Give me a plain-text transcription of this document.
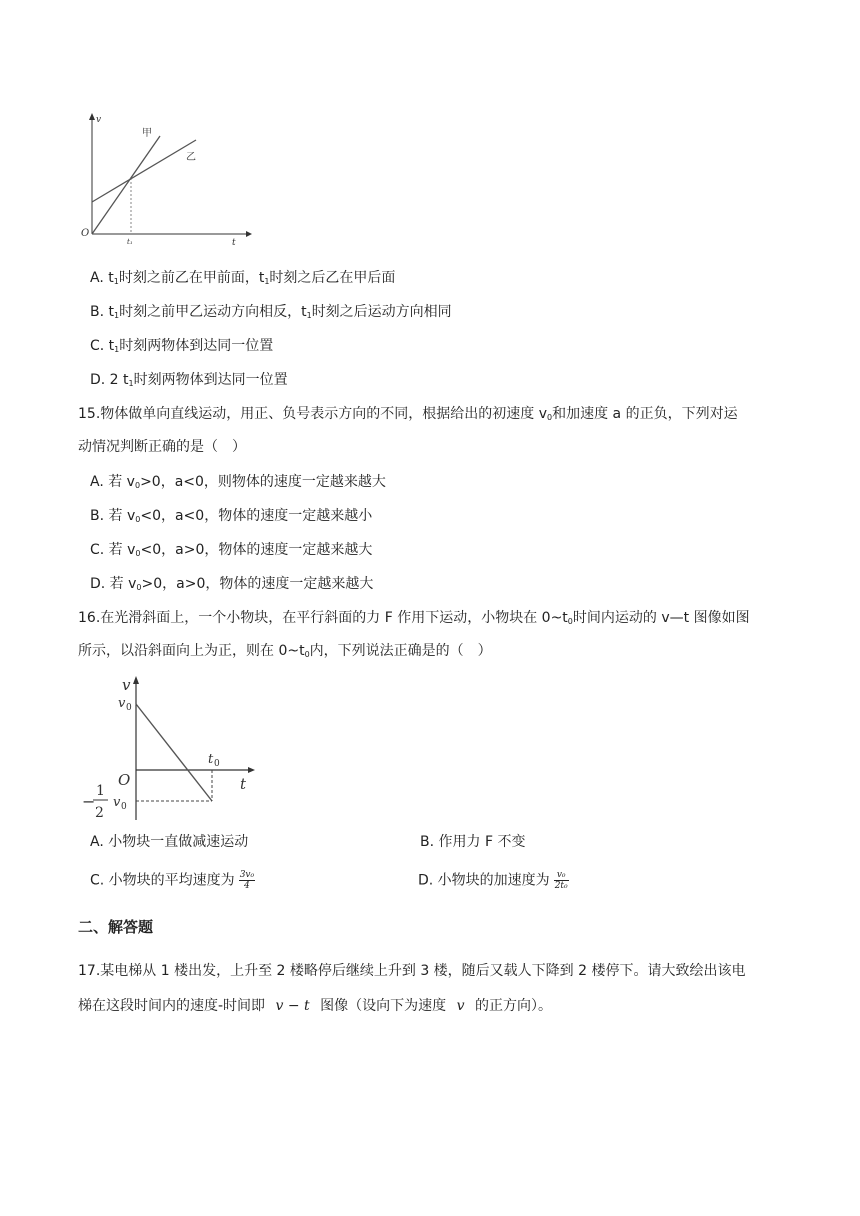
v
t
O
甲
乙
t₁
A. $t_1$时刻之前乙在甲前面，$t_1$时刻之后乙在甲后面
B. $t_1$时刻之前甲乙运动方向相反，$t_1$时刻之后运动方向相同
C. $t_1$时刻两物体到达同一位置
D. 2 $t_1$时刻两物体到达同一位置
15.物体做单向直线运动，用正、负号表示方向的不同，根据给出的初速度 $v_0$和加速度 a 的正负，下列对运
动情况判断正确的是（　）
A. 若 $v_0>0$，a<0，则物体的速度一定越来越大
B. 若 $v_0<0$，a<0，物体的速度一定越来越小
C. 若 $v_0<0$，a>0，物体的速度一定越来越大
D. 若 $v_0>0$，a>0，物体的速度一定越来越大
16.在光滑斜面上，一个小物块，在平行斜面的力 F 作用下运动，小物块在 $0\sim t_0$时间内运动的 v—t 图像如图
所示，以沿斜面向上为正，则在 $0\sim t_0$内，下列说法正确是的（　）
v
t
O
v 0
t 0
−
1
2
v 0
A. 小物块一直做减速运动	B. 作用力 F 不变
C. 小物块的平均速度为 $\frac{\text{3v₀}}{4}$	D. 小物块的加速度为 $\frac{\text{v₀}}{\text{2t₀}}$
二、解答题
17.某电梯从 1 楼出发，上升至 2 楼略停后继续上升到 3 楼，随后又载人下降到 2 楼停下。请大致绘出该电
梯在这段时间内的速度-时间即 v − t 图像（设向下为速度 v 的正方向）。
